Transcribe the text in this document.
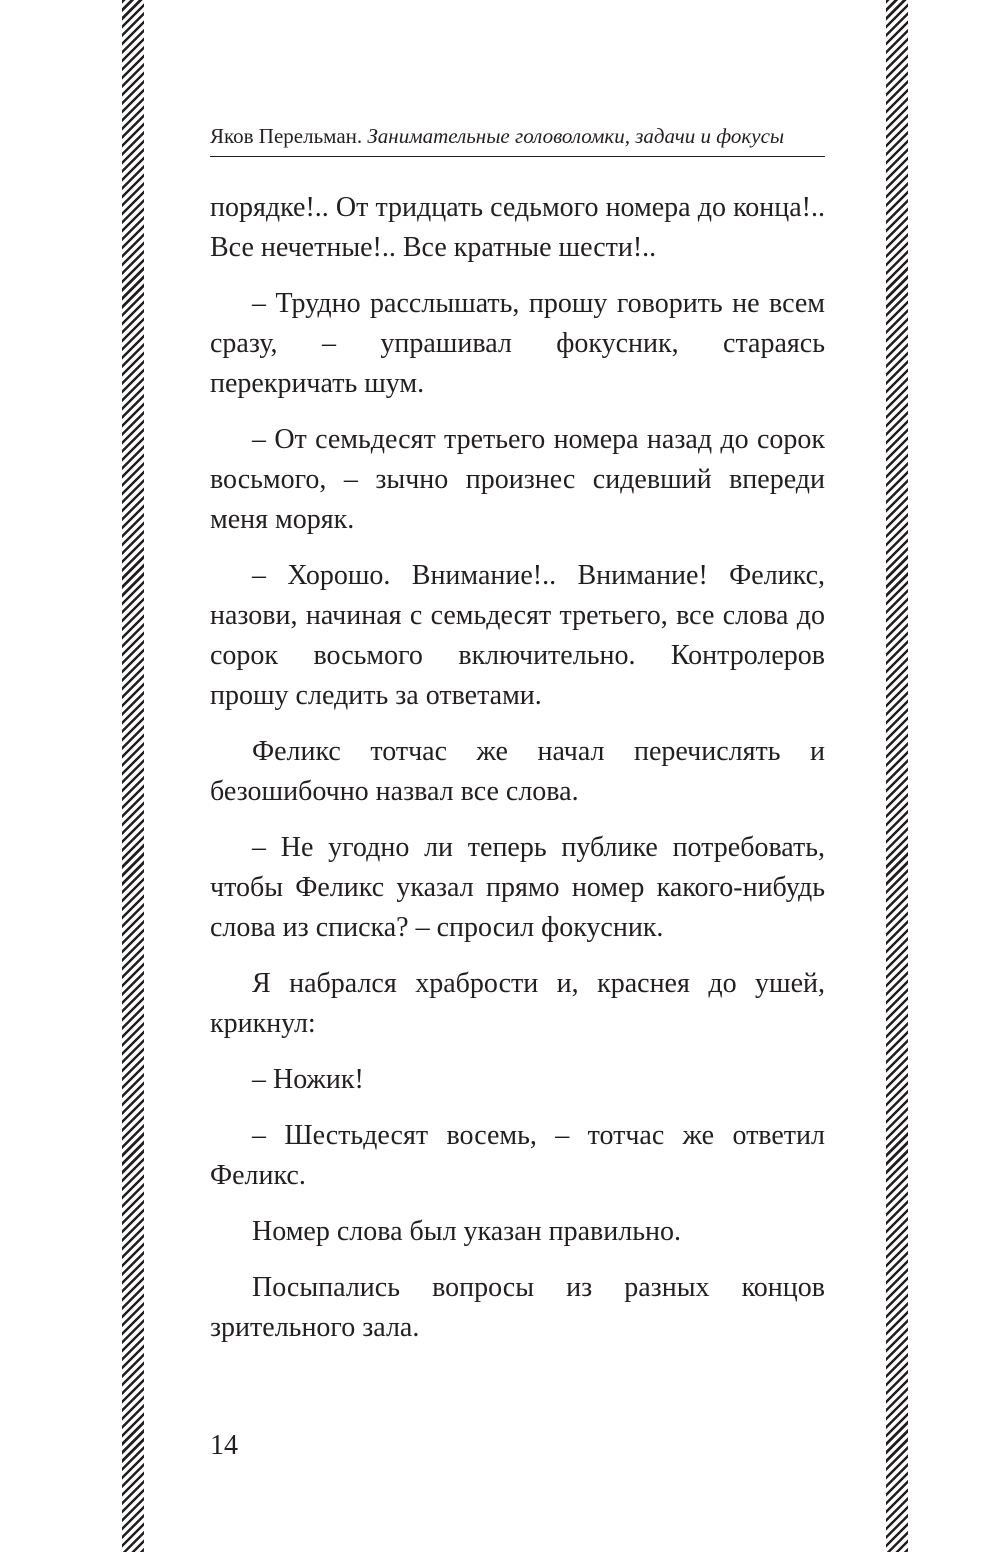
Яков Перельман. Занимательные головоломки, задачи и фокусы

порядке!.. От тридцать седьмого номера до конца!.. Все нечетные!.. Все кратные шести!..

– Трудно расслышать, прошу говорить не всем сразу, – упрашивал фокусник, стараясь перекричать шум.

– От семьдесят третьего номера назад до сорок восьмого, – зычно произнес сидевший впереди меня моряк.

– Хорошо. Внимание!.. Внимание! Феликс, назови, начиная с семьдесят третьего, все слова до сорок восьмого включительно. Контролеров прошу следить за ответами.

Феликс тотчас же начал перечислять и безошибочно назвал все слова.

– Не угодно ли теперь публике потребовать, чтобы Феликс указал прямо номер какого-нибудь слова из списка? – спросил фокусник.

Я набрался храбрости и, краснея до ушей, крикнул:

– Ножик!

– Шестьдесят восемь, – тотчас же ответил Феликс.

Номер слова был указан правильно.

Посыпались вопросы из разных концов зрительного зала.

14
